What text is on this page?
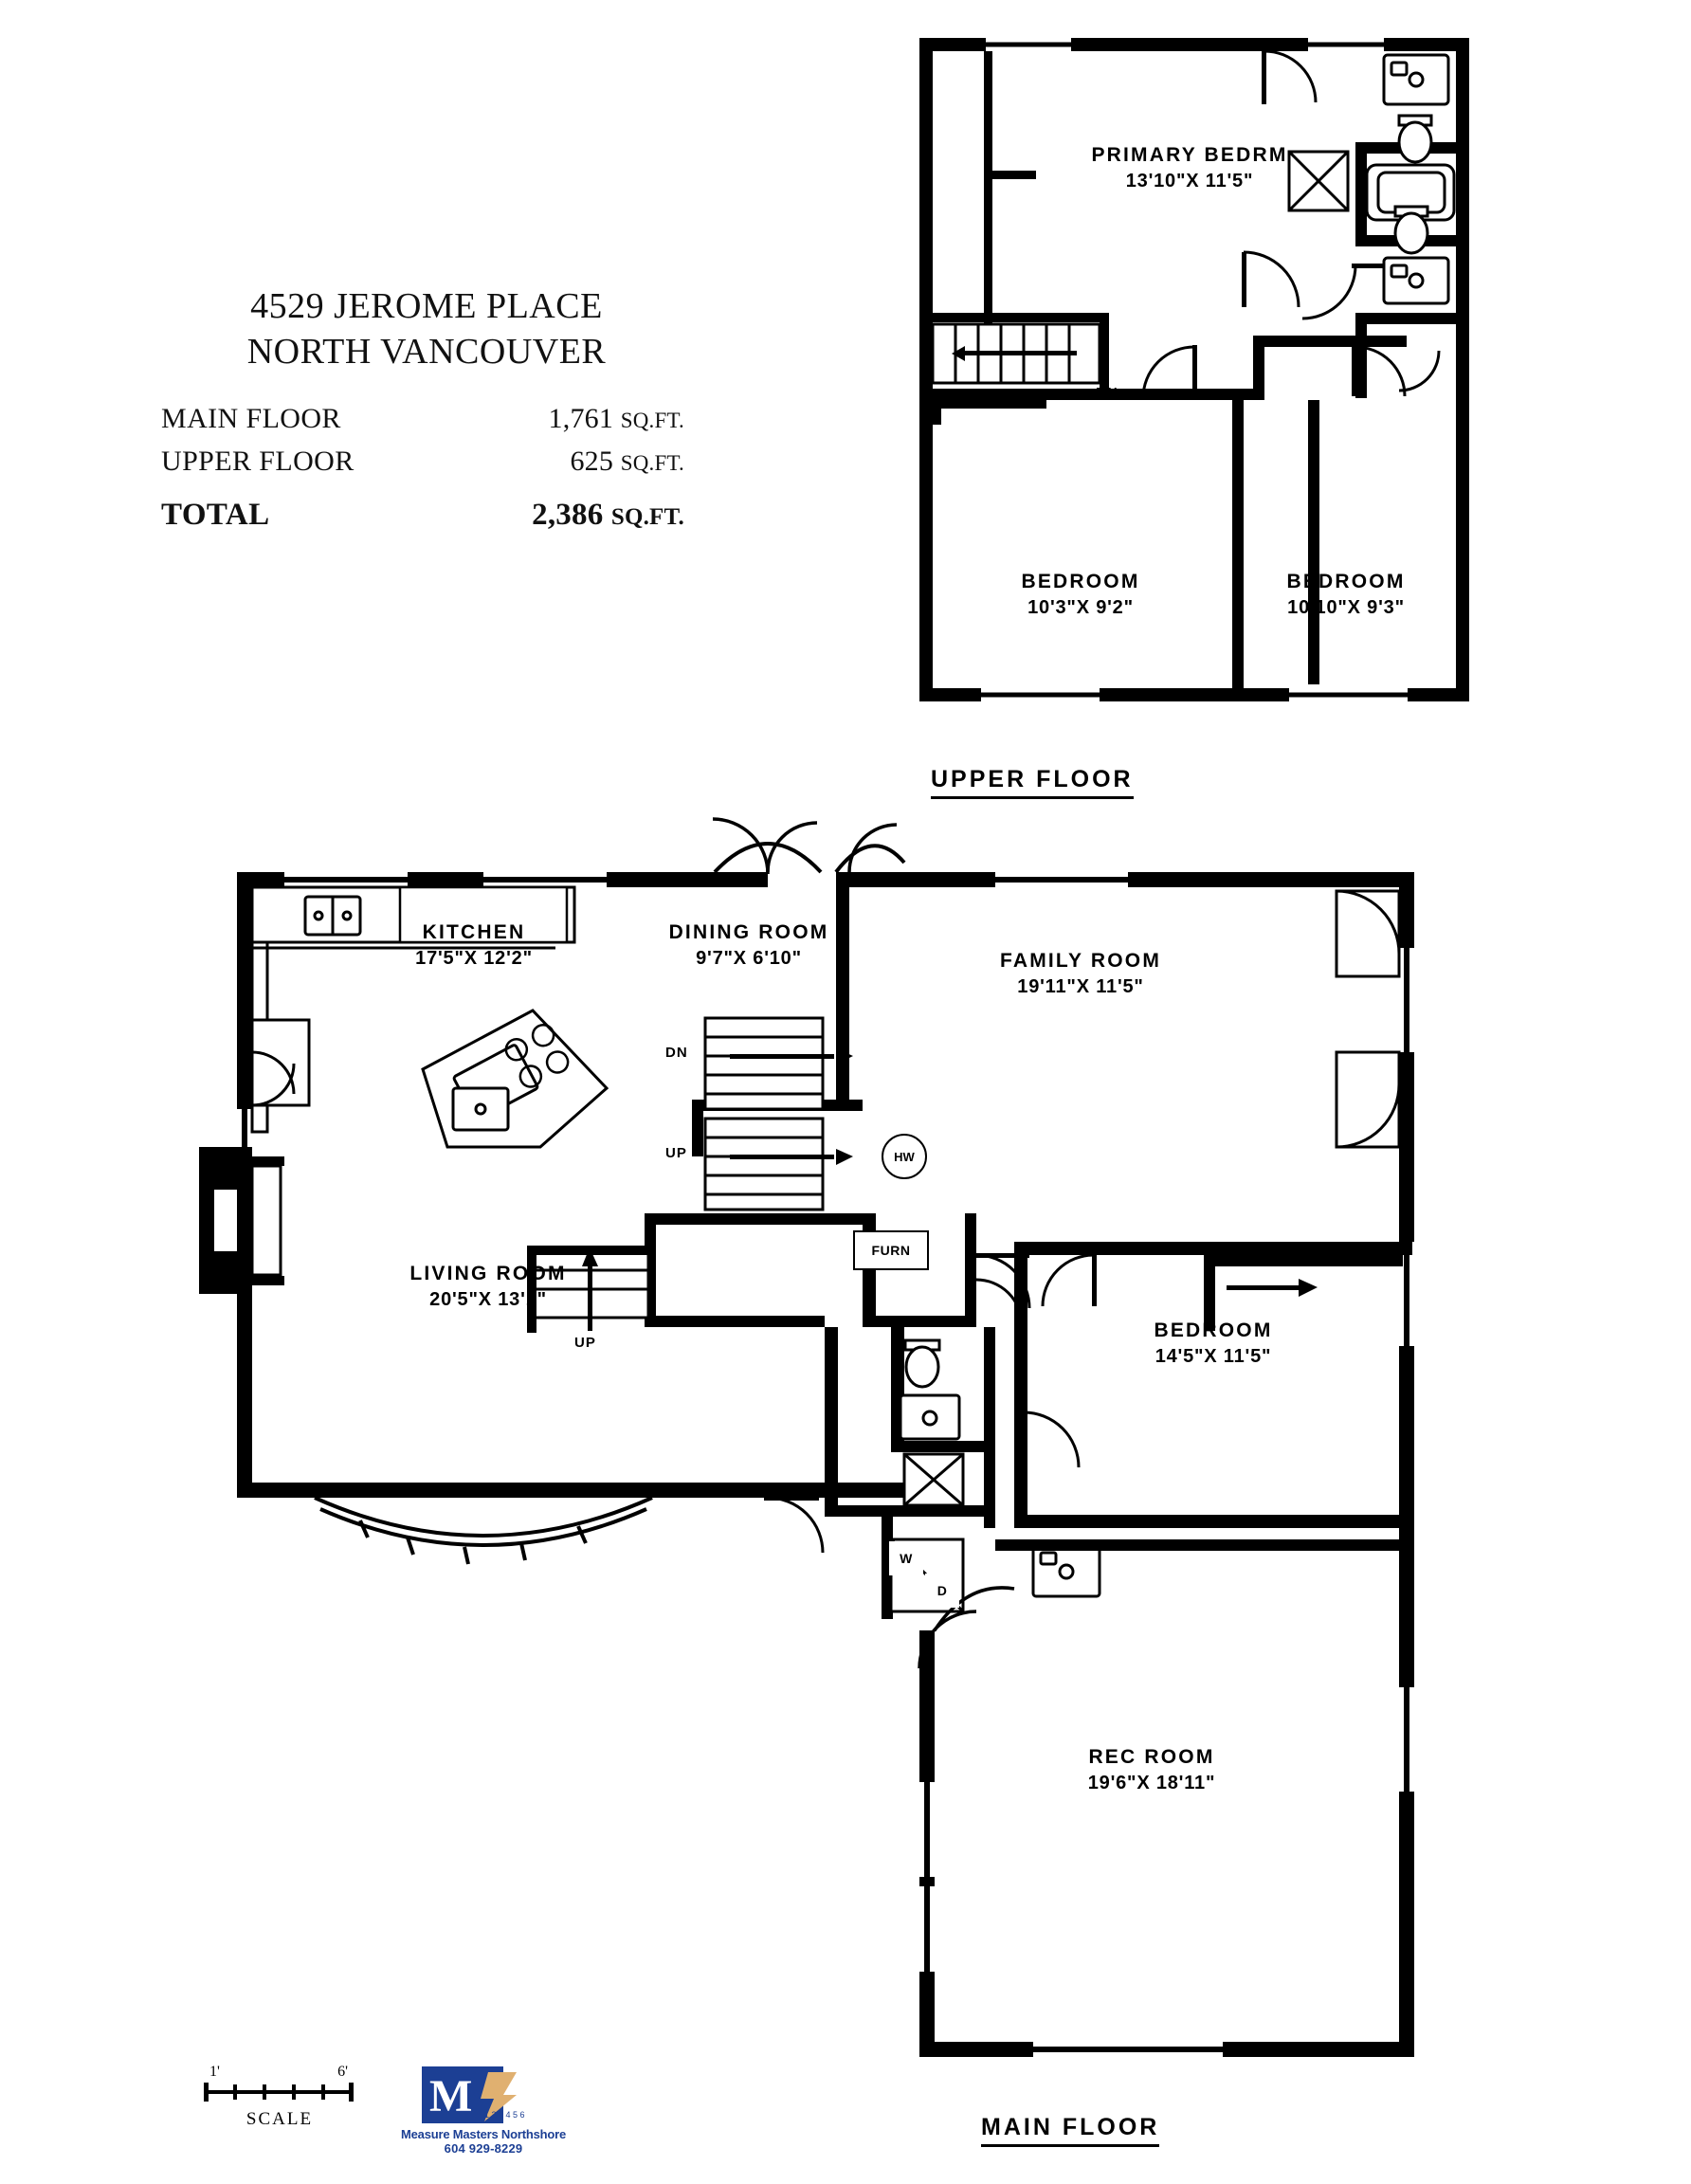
4529 JEROME PLACE
NORTH VANCOUVER
MAIN FLOOR	1,761 SQ.FT.
UPPER FLOOR	625 SQ.FT.
TOTAL	2,386 SQ.FT.
PRIMARY BEDRM
13'10"X 11'5"
BEDROOM
10'3"X 9'2"
BEDROOM
10'10"X 9'3"
DN
UPPER FLOOR
KITCHEN
17'5"X 12'2"
DINING ROOM
9'7"X 6'10"	FAMILY ROOM
19'11"X 11'5"
LIVING ROOM
20'5"X 13'1"
BEDROOM
14'5"X 11'5"
REC ROOM
19'6"X 18'11"
DN
UP
UP
HW
FURN
W
D
MAIN FLOOR
1'	6'
SCALE	M 1 2 3 4 5 6
Measure Masters Northshore
604 929-8229
